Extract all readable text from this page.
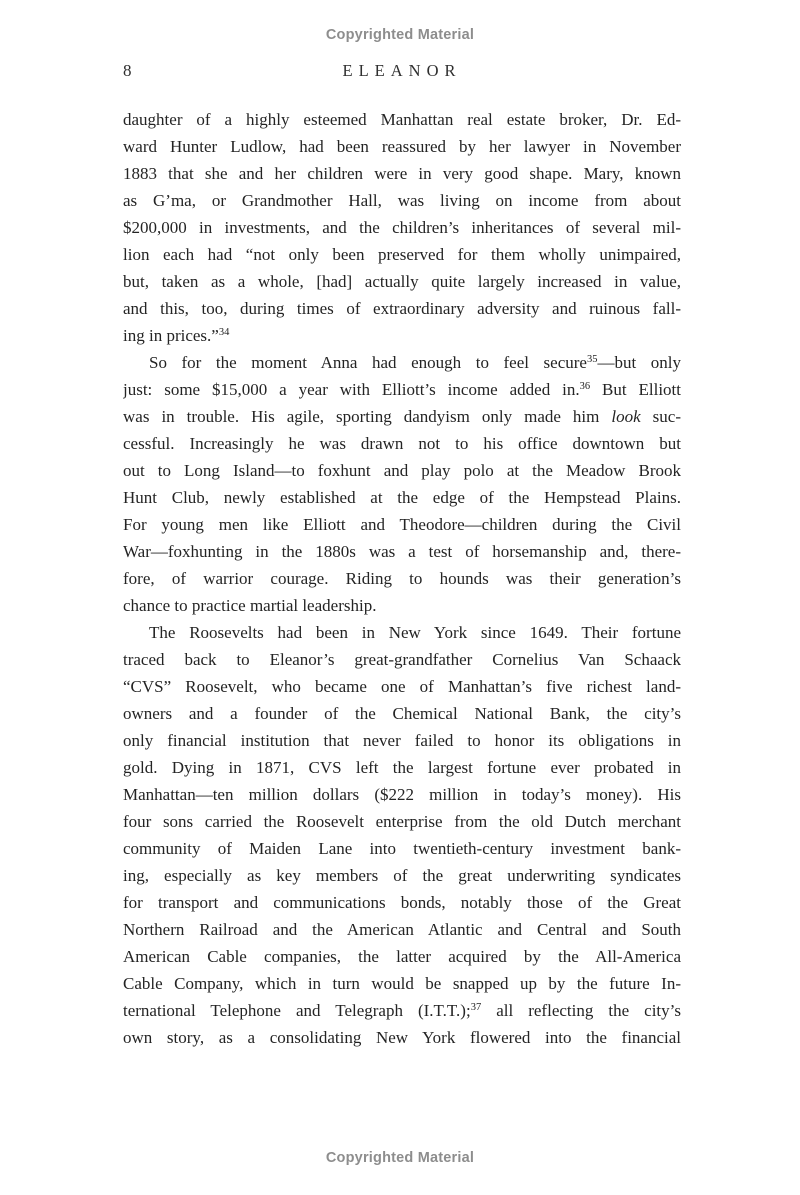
Copyrighted Material
8	ELEANOR
daughter of a highly esteemed Manhattan real estate broker, Dr. Ed-
ward Hunter Ludlow, had been reassured by her lawyer in November
1883 that she and her children were in very good shape. Mary, known
as G’ma, or Grandmother Hall, was living on income from about
$200,000 in investments, and the children’s inheritances of several mil-
lion each had “not only been preserved for them wholly unimpaired,
but, taken as a whole, [had] actually quite largely increased in value,
and this, too, during times of extraordinary adversity and ruinous fall-
ing in prices.”$^{34}$
So for the moment Anna had enough to feel secure$^{35}$—but only
just: some $15,000 a year with Elliott’s income added in.$^{36}$ But Elliott
was in trouble. His agile, sporting dandyism only made him look suc-
cessful. Increasingly he was drawn not to his office downtown but
out to Long Island—to foxhunt and play polo at the Meadow Brook
Hunt Club, newly established at the edge of the Hempstead Plains.
For young men like Elliott and Theodore—children during the Civil
War—foxhunting in the 1880s was a test of horsemanship and, there-
fore, of warrior courage. Riding to hounds was their generation’s
chance to practice martial leadership.
The Roosevelts had been in New York since 1649. Their fortune
traced back to Eleanor’s great-grandfather Cornelius Van Schaack
“CVS” Roosevelt, who became one of Manhattan’s five richest land-
owners and a founder of the Chemical National Bank, the city’s
only financial institution that never failed to honor its obligations in
gold. Dying in 1871, CVS left the largest fortune ever probated in
Manhattan—ten million dollars ($222 million in today’s money). His
four sons carried the Roosevelt enterprise from the old Dutch merchant
community of Maiden Lane into twentieth-century investment bank-
ing, especially as key members of the great underwriting syndicates
for transport and communications bonds, notably those of the Great
Northern Railroad and the American Atlantic and Central and South
American Cable companies, the latter acquired by the All-America
Cable Company, which in turn would be snapped up by the future In-
ternational Telephone and Telegraph (I.T.T.);$^{37}$ all reflecting the city’s
own story, as a consolidating New York flowered into the financial
Copyrighted Material
